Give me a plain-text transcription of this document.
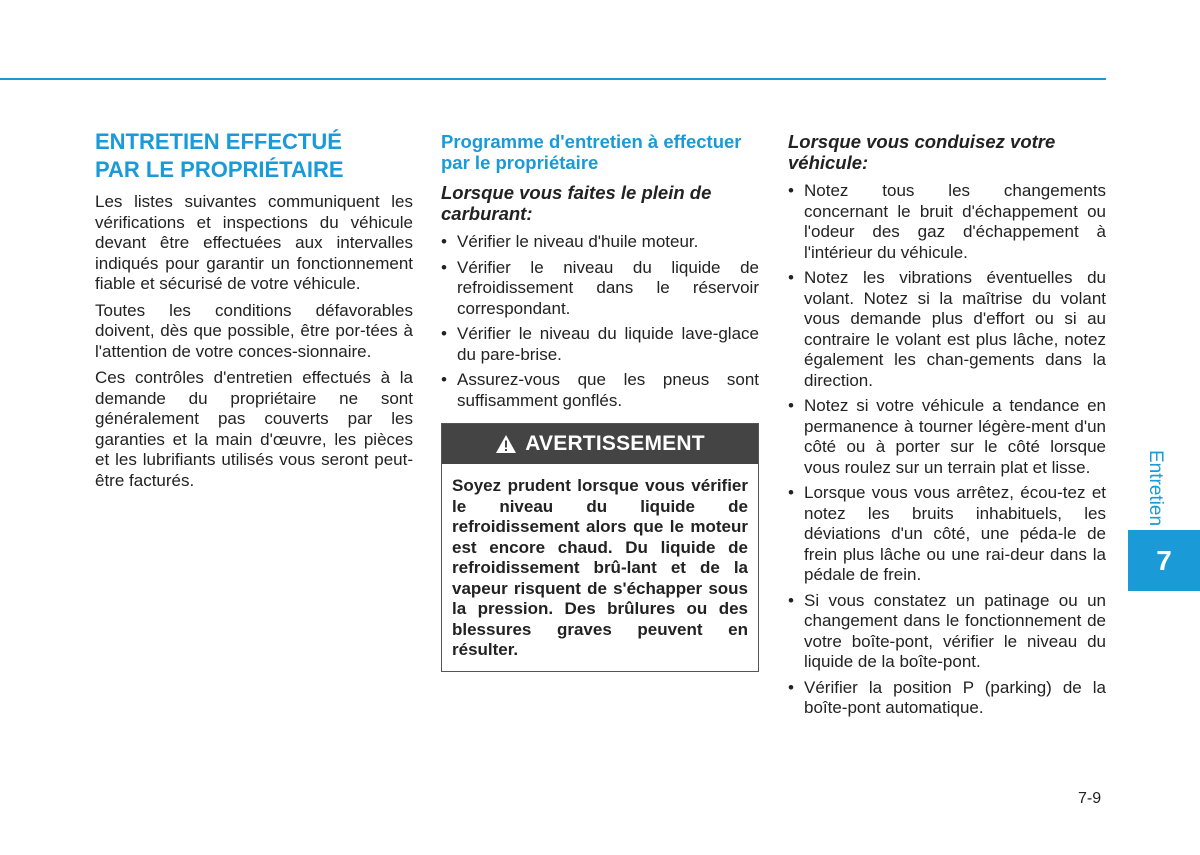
ENTRETIEN EFFECTUÉ
PAR LE PROPRIÉTAIRE

Les listes suivantes communiquent les vérifications et inspections du véhicule devant être effectuées aux intervalles indiqués pour garantir un fonctionnement fiable et sécurisé de votre véhicule.

Toutes les conditions défavorables doivent, dès que possible, être por-tées à l'attention de votre conces-sionnaire.

Ces contrôles d'entretien effectués à la demande du propriétaire ne sont généralement pas couverts par les garanties et la main d'œuvre, les pièces et les lubrifiants utilisés vous seront peut-être facturés.

Programme d'entretien à effectuer par le propriétaire
Lorsque vous faites le plein de carburant:
• Vérifier le niveau d'huile moteur.
• Vérifier le niveau du liquide de refroidissement dans le réservoir correspondant.
• Vérifier le niveau du liquide lave-glace du pare-brise.
• Assurez-vous que les pneus sont suffisamment gonflés.
AVERTISSEMENT
Soyez prudent lorsque vous vérifier le niveau du liquide de refroidissement alors que le moteur est encore chaud. Du liquide de refroidissement brû-lant et de la vapeur risquent de s'échapper sous la pression. Des brûlures ou des blessures graves peuvent en résulter.
Lorsque vous conduisez votre véhicule:
• Notez tous les changements concernant le bruit d'échappement ou l'odeur des gaz d'échappement à l'intérieur du véhicule.
• Notez les vibrations éventuelles du volant. Notez si la maîtrise du volant vous demande plus d'effort ou si au contraire le volant est plus lâche, notez également les chan-gements dans la direction.
• Notez si votre véhicule a tendance en permanence à tourner légère-ment d'un côté ou à porter sur le côté lorsque vous roulez sur un terrain plat et lisse.
• Lorsque vous vous arrêtez, écou-tez et notez les bruits inhabituels, les déviations d'un côté, une péda-le de frein plus lâche ou une rai-deur dans la pédale de frein.
• Si vous constatez un patinage ou un changement dans le fonctionnement de votre boîte-pont, vérifier le niveau du liquide de la boîte-pont.
• Vérifier la position P (parking) de la boîte-pont automatique.
Entretien
7
7-9
